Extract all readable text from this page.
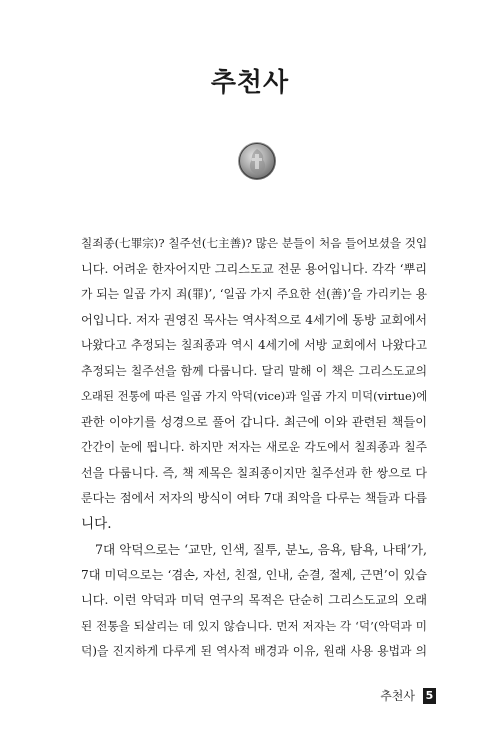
추천사

칠죄종(七罪宗)? 칠주선(七主善)? 많은 분들이 처음 들어보셨을 것입
니다. 어려운 한자어지만 그리스도교 전문 용어입니다. 각각 ‘뿌리
가 되는 일곱 가지 죄(罪)’, ‘일곱 가지 주요한 선(善)’을 가리키는 용
어입니다. 저자 권영진 목사는 역사적으로 4세기에 동방 교회에서
나왔다고 추정되는 칠죄종과 역시 4세기에 서방 교회에서 나왔다고
추정되는 칠주선을 함께 다룹니다. 달리 말해 이 책은 그리스도교의
오래된 전통에 따른 일곱 가지 악덕(vice)과 일곱 가지 미덕(virtue)에
관한 이야기를 성경으로 풀어 갑니다. 최근에 이와 관련된 책들이
간간이 눈에 띕니다. 하지만 저자는 새로운 각도에서 칠죄종과 칠주
선을 다룹니다. 즉, 책 제목은 칠죄종이지만 칠주선과 한 쌍으로 다
룬다는 점에서 저자의 방식이 여타 7대 죄악을 다루는 책들과 다릅
니다.

7대 악덕으로는 ‘교만, 인색, 질투, 분노, 음욕, 탐욕, 나태’가,
7대 미덕으로는 ‘겸손, 자선, 친절, 인내, 순결, 절제, 근면’이 있습
니다. 이런 악덕과 미덕 연구의 목적은 단순히 그리스도교의 오래
된 전통을 되살리는 데 있지 않습니다. 먼저 저자는 각 ‘덕’(악덕과 미
덕)을 진지하게 다루게 된 역사적 배경과 이유, 원래 사용 용법과 의

추천사 5
